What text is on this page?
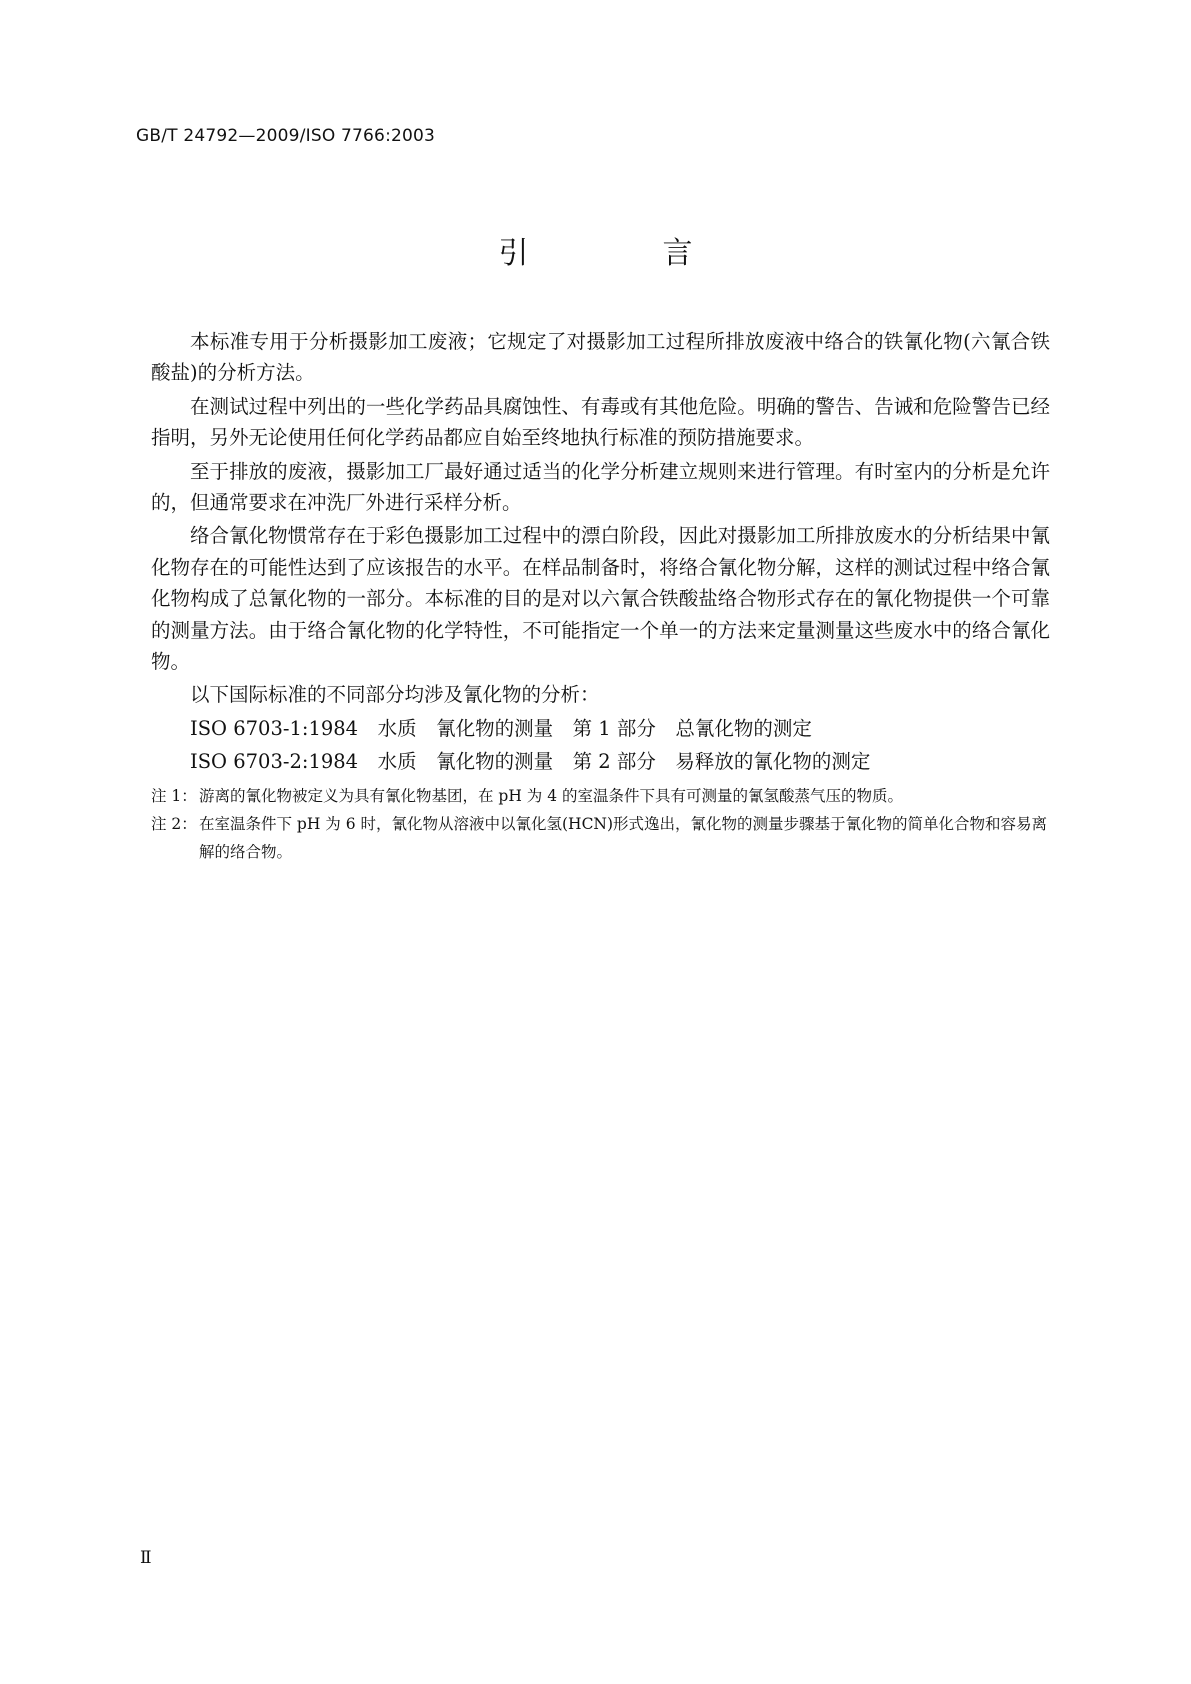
GB/T 24792—2009/ISO 7766:2003
引　言

本标准专用于分析摄影加工废液；它规定了对摄影加工过程所排放废液中络合的铁氰化物(六氰合铁酸盐)的分析方法。

在测试过程中列出的一些化学药品具腐蚀性、有毒或有其他危险。明确的警告、告诫和危险警告已经指明，另外无论使用任何化学药品都应自始至终地执行标准的预防措施要求。

至于排放的废液，摄影加工厂最好通过适当的化学分析建立规则来进行管理。有时室内的分析是允许的，但通常要求在冲洗厂外进行采样分析。

络合氰化物惯常存在于彩色摄影加工过程中的漂白阶段，因此对摄影加工所排放废水的分析结果中氰化物存在的可能性达到了应该报告的水平。在样品制备时，将络合氰化物分解，这样的测试过程中络合氰化物构成了总氰化物的一部分。本标准的目的是对以六氰合铁酸盐络合物形式存在的氰化物提供一个可靠的测量方法。由于络合氰化物的化学特性，不可能指定一个单一的方法来定量测量这些废水中的络合氰化物。

以下国际标准的不同部分均涉及氰化物的分析：

ISO 6703-1:1984　水质　氰化物的测量　第 1 部分　总氰化物的测定

ISO 6703-2:1984　水质　氰化物的测量　第 2 部分　易释放的氰化物的测定

注 1： 游离的氰化物被定义为具有氰化物基团，在 pH 为 4 的室温条件下具有可测量的氰氢酸蒸气压的物质。
注 2： 在室温条件下 pH 为 6 时，氰化物从溶液中以氰化氢(HCN)形式逸出，氰化物的测量步骤基于氰化物的简单化合物和容易离解的络合物。
Ⅱ
